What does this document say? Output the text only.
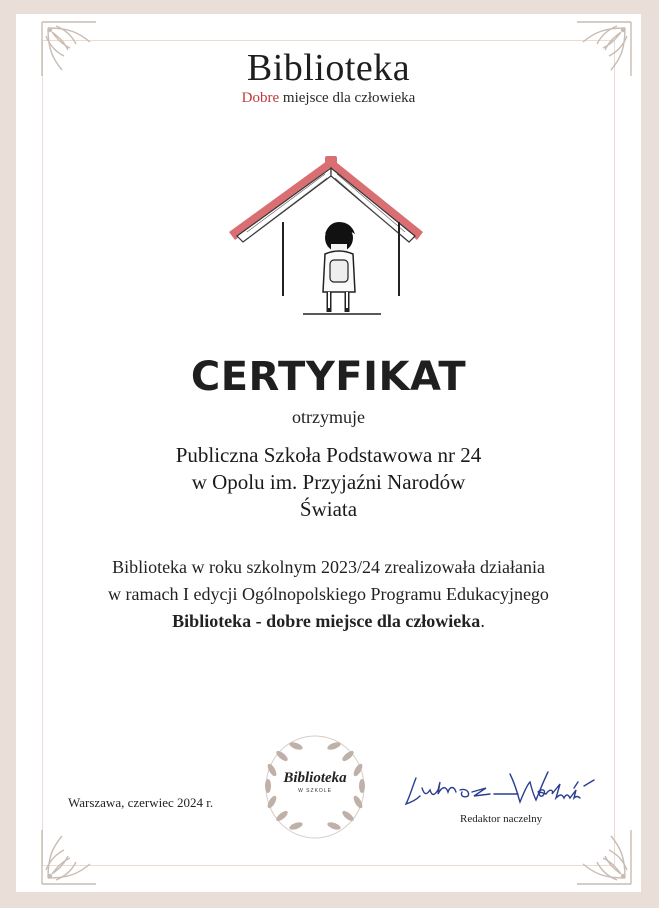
Biblioteka
Dobre miejsce dla człowieka
CERTYFIKAT
otrzymuje
Publiczna Szkoła Podstawowa nr 24
w Opolu im. Przyjaźni Narodów
Świata
Biblioteka w roku szkolnym 2023/24 zrealizowała działania
w ramach I edycji Ogólnopolskiego Programu Edukacyjnego
Biblioteka - dobre miejsce dla człowieka.
Warszawa, czerwiec 2024 r.
Biblioteka
W SZKOLE
Redaktor naczelny
